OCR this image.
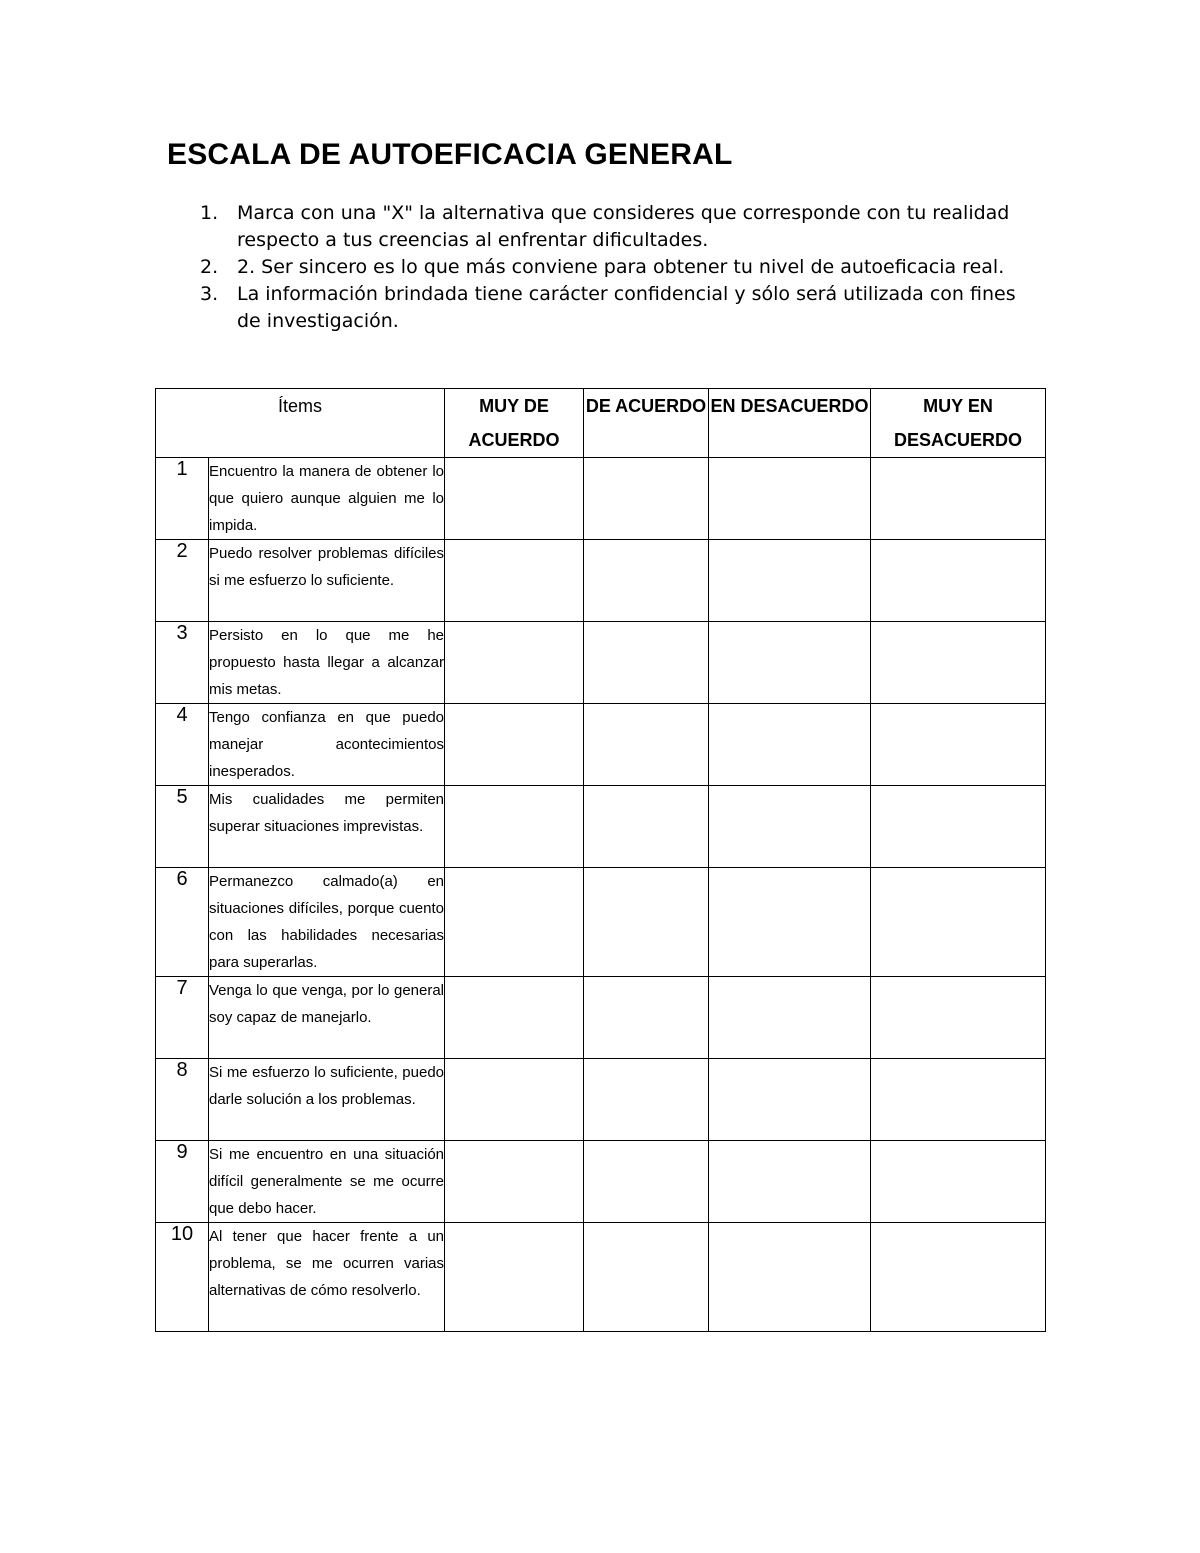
ESCALA DE AUTOEFICACIA GENERAL
1. Marca con una "X" la alternativa que consideres que corresponde con tu realidad respecto a tus creencias al enfrentar dificultades.
2. 2. Ser sincero es lo que más conviene para obtener tu nivel de autoeficacia real.
3. La información brindada tiene carácter confidencial y sólo será utilizada con fines de investigación.
Ítems		MUY DE ACUERDO	DE ACUERDO	EN DESACUERDO	MUY EN DESACUERDO
1	Encuentro la manera de obtener lo que quiero aunque alguien me lo impida.				
2	Puedo resolver problemas difíciles si me esfuerzo lo suficiente.				
3	Persisto en lo que me he propuesto hasta llegar a alcanzar mis metas.				
4	Tengo confianza en que puedo manejar acontecimientos inesperados.				
5	Mis cualidades me permiten superar situaciones imprevistas.				
6	Permanezco calmado(a) en situaciones difíciles, porque cuento con las habilidades necesarias para superarlas.				
7	Venga lo que venga, por lo general soy capaz de manejarlo.				
8	Si me esfuerzo lo suficiente, puedo darle solución a los problemas.				
9	Si me encuentro en una situación difícil generalmente se me ocurre que debo hacer.				
10	Al tener que hacer frente a un problema, se me ocurren varias alternativas de cómo resolverlo.				
